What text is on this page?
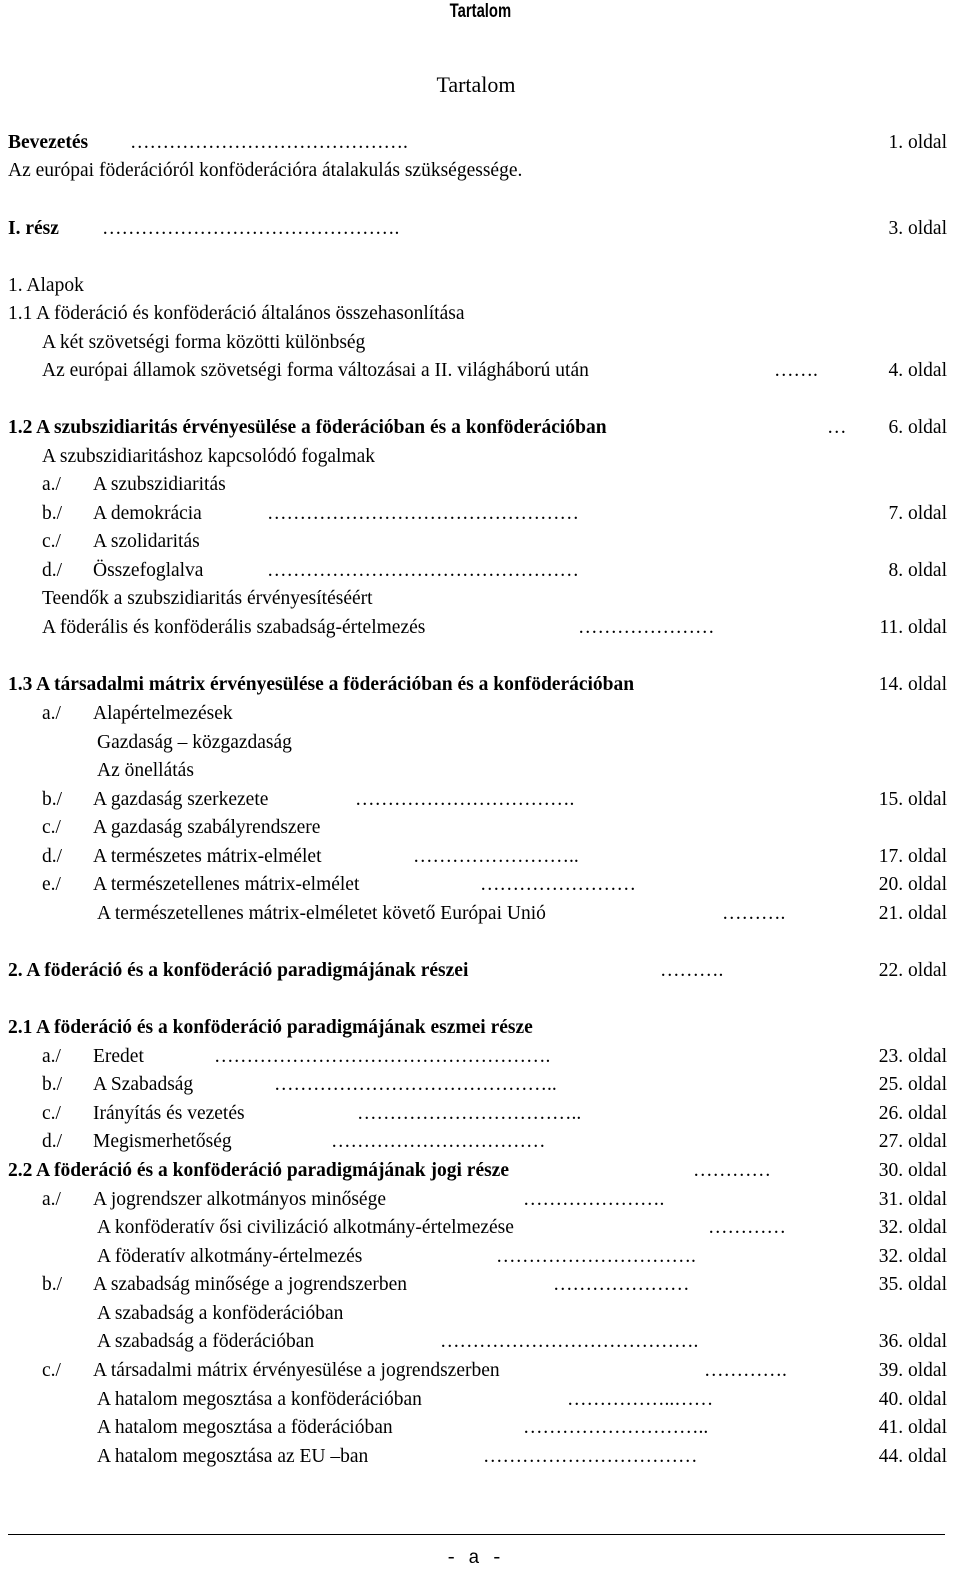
Tartalom
Tartalom
Bevezetés …………………………………….	1. oldal
Az európai föderációról konföderációra átalakulás szükségessége.
I. rész ……………………………………….	3. oldal
1. Alapok
1.1 A föderáció és konföderáció általános összehasonlítása
A két szövetségi forma közötti különbség
Az európai államok szövetségi forma változásai a II. világháború után	…….	4. oldal
1.2 A szubszidiaritás érvényesülése a föderációban és a konföderációban	… 6. oldal
A szubszidiaritáshoz kapcsolódó fogalmak
a./ A szubszidiaritás
b./ A demokrácia	…………………………………………	7. oldal
c./ A szolidaritás
d./ Összefoglalva	…………………………………………	8. oldal
Teendők a szubszidiaritás érvényesítéséért
A föderális és konföderális szabadság-értelmezés	…………………	11. oldal
1.3 A társadalmi mátrix érvényesülése a föderációban és a konföderációban	14. oldal
a./ Alapértelmezések
Gazdaság – közgazdaság
Az önellátás
b./ A gazdaság szerkezete	…………………………….	15. oldal
c./ A gazdaság szabályrendszere
d./ A természetes mátrix-elmélet	……………………..	17. oldal
e./ A természetellenes mátrix-elmélet	……………………	20. oldal
A természetellenes mátrix-elméletet követő Európai Unió	……….	21. oldal
2. A föderáció és a konföderáció paradigmájának részei	……….	22. oldal
2.1 A föderáció és a konföderáció paradigmájának eszmei része
a./ Eredet	…………………………………………….	23. oldal
b./ A Szabadság	……………………………………..	25. oldal
c./ Irányítás és vezetés	……………………………..	26. oldal
d./ Megismerhetőség	……………………………	27. oldal
2.2 A föderáció és a konföderáció paradigmájának jogi része	…………	30. oldal
a./ A jogrendszer alkotmányos minősége	………………….	31. oldal
A konföderatív ősi civilizáció alkotmány-értelmezése	…………	32. oldal
A föderatív alkotmány-értelmezés	………………………….	32. oldal
b./ A szabadság minősége a jogrendszerben	…………………	35. oldal
A szabadság a konföderációban
A szabadság a föderációban	………………………………….	36. oldal
c./ A társadalmi mátrix érvényesülése a jogrendszerben	………….	39. oldal
A hatalom megosztása a konföderációban	……………..……	40. oldal
A hatalom megosztása a föderációban	………………………..	41. oldal
A hatalom megosztása az EU –ban	……………………………	44. oldal
- a -
